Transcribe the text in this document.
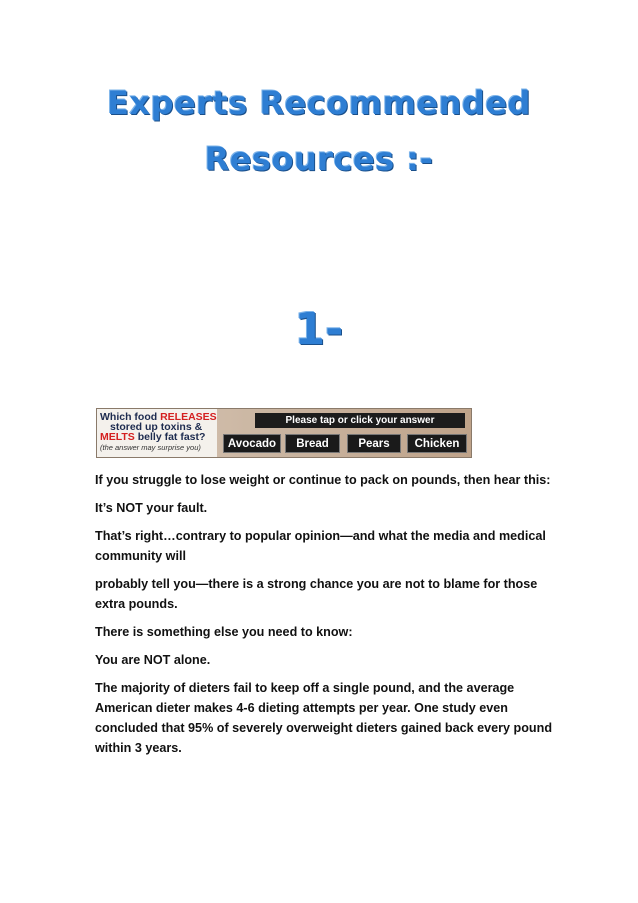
Experts Recommended
Resources :-
1-
Which food RELEASES
stored up toxins &
MELTS belly fat fast?
(the answer may surprise you)
Please tap or click your answer
Avocado	Bread	Pears	Chicken

If you struggle to lose weight or continue to pack on pounds, then hear this:

It’s NOT your fault.

That’s right…contrary to popular opinion—and what the media and medical community will

probably tell you—there is a strong chance you are not to blame for those extra pounds.

There is something else you need to know:

You are NOT alone.

The majority of dieters fail to keep off a single pound, and the average American dieter makes 4-6 dieting attempts per year. One study even concluded that 95% of severely overweight dieters gained back every pound within 3 years.
